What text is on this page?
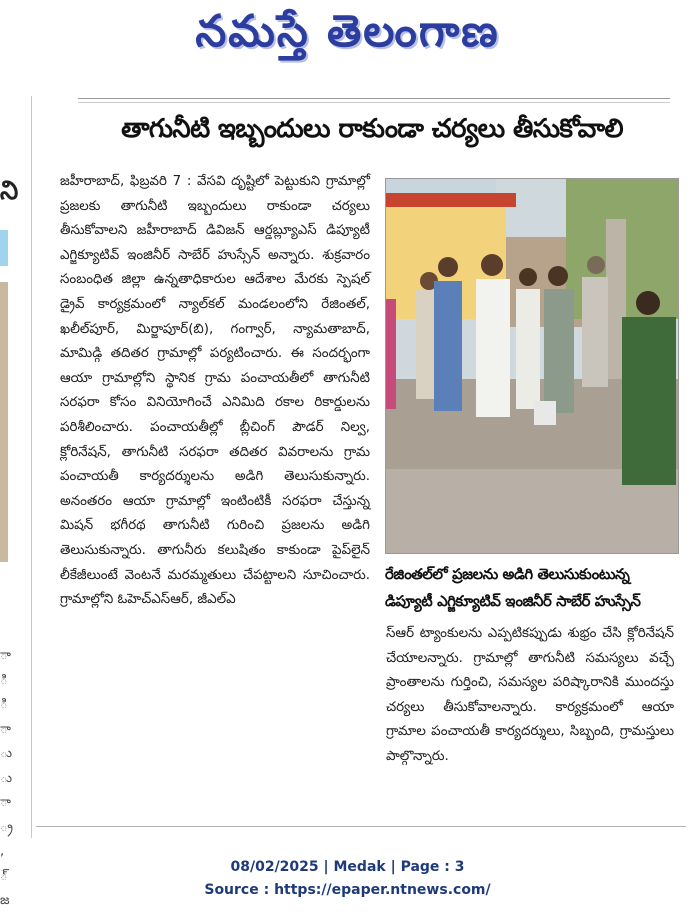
నమస్తే తెలంగాణ
ని
ా
ి
ి
ా
ు
ు
ా
్ర
,
్
జ
తాగునీటి ఇబ్బందులు రాకుండా చర్యలు తీసుకోవాలి
జహీరాబాద్, ఫిబ్రవరి 7 : వేసవి దృష్టిలో పెట్టుకుని గ్రామాల్లో ప్రజలకు తాగునీటి ఇబ్బందులు రాకుండా చర్యలు తీసుకోవాలని జహీరాబాద్ డివిజన్ ఆర్డబ్ల్యూఎస్ డిప్యూటీ ఎగ్జిక్యూటివ్ ఇంజినీర్ సాబేర్ హుస్సేన్ అన్నారు. శుక్రవారం సంబంధిత జిల్లా ఉన్నతాధికారుల ఆదేశాల మేరకు స్పెషల్ డ్రైవ్ కార్యక్రమంలో న్యాల్‌కల్ మండలంలోని రేజింతల్, ఖలీల్‌పూర్, మిర్జాపూర్(బి), గంగ్వార్, న్యామతాబాద్, మామిడ్గి తదితర గ్రామాల్లో పర్యటించారు. ఈ సందర్భంగా ఆయా గ్రామాల్లోని స్థానిక గ్రామ పంచాయతీలో తాగునీటి సరఫరా కోసం వినియోగించే ఎనిమిది రకాల రికార్డులను పరిశీలించారు. పంచాయతీల్లో బ్లీచింగ్ పౌడర్ నిల్వ, క్లోరినేషన్, తాగునీటి సరఫరా తదితర వివరాలను గ్రామ పంచాయతీ కార్యదర్శులను అడిగి తెలుసుకున్నారు. అనంతరం ఆయా గ్రామాల్లో ఇంటింటికీ సరఫరా చేస్తున్న మిషన్ భగీరథ తాగునీటి గురించి ప్రజలను అడిగి తెలుసుకున్నారు. తాగునీరు కలుషితం కాకుండా పైప్‌లైన్ లీకేజీలుంటే వెంటనే మరమ్మతులు చేపట్టాలని సూచించారు. గ్రామాల్లోని ఓహెచ్‌ఎస్‌ఆర్, జీఎల్ఎ
రేజింతల్‌లో ప్రజలను అడిగి తెలుసుకుంటున్న డిప్యూటీ ఎగ్జిక్యూటివ్ ఇంజినీర్ సాబేర్ హుస్సేన్
స్ఆర్ ట్యాంకులను ఎప్పటికప్పుడు శుభ్రం చేసి క్లోరినేషన్ చేయాలన్నారు. గ్రామాల్లో తాగునీటి సమస్యలు వచ్చే ప్రాంతాలను గుర్తించి, సమస్యల పరిష్కారానికి ముందస్తు చర్యలు తీసుకోవాలన్నారు. కార్యక్రమంలో ఆయా గ్రామాల పంచాయతీ కార్యదర్శులు, సిబ్బంది, గ్రామస్తులు పాల్గొన్నారు.
08/02/2025 | Medak | Page : 3
Source : https://epaper.ntnews.com/
